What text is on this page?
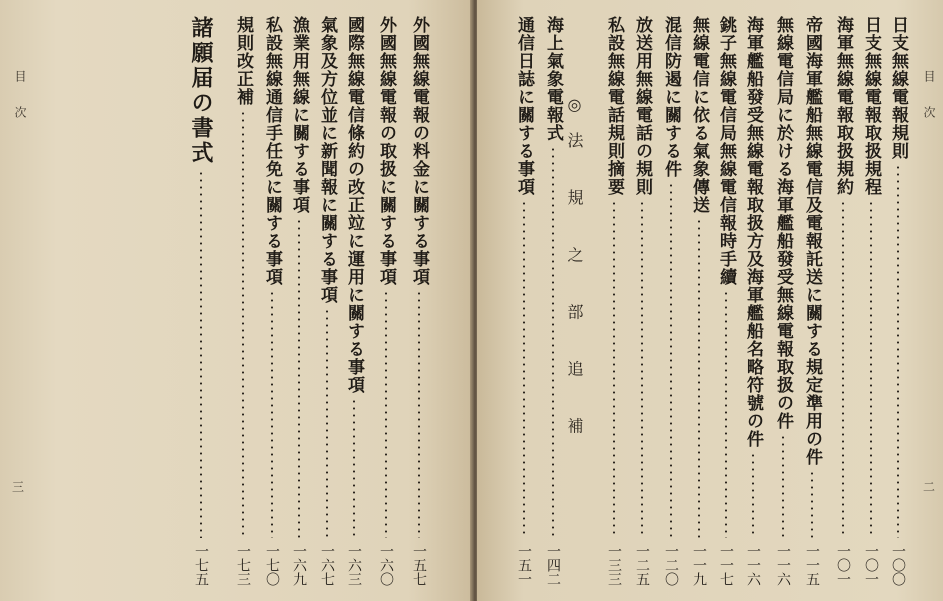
目 次
三
外國無線電報の料金に關する事項
一五七
外國無線電報の取扱に關する事項
一六〇
國際無線電信條約の改正竝に運用に關する事項
一六三
氣象及方位並に新聞報に關する事項
一六七
漁業用無線に關する事項
一六九
私設無線通信手任免に關する事項
一七〇
規則改正補
一七三
諸願届の書式
一七五
目 次
二
日支無線電報規則
一〇〇
日支無線電報取扱規程
一〇一
海軍無線電報取扱規約
一〇一
帝國海軍艦船無線電信及電報託送に關する規定準用の件
一一五
無線電信局に於ける海軍艦船發受無線電報取扱の件
一一六
海軍艦船發受無線電報取扱方及海軍艦船名略符號の件
一一六
銚子無線電信局無線電信報時手續
一一七
無線電信に依る氣象傳送
一一九
混信防遏に關する件
一二〇
放送用無線電話の規則
一二五
私設無線電話規則摘要
一三三
◎法 規 之 部 追 補
海上氣象電報式
一四二
通信日誌に關する事項
一五一
